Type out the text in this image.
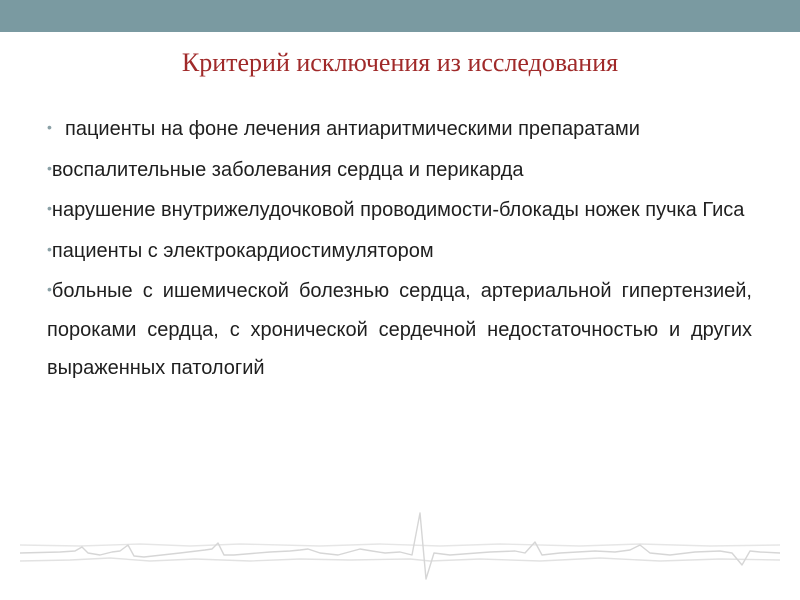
Критерий исключения из исследования

• пациенты на фоне лечения антиаритмическими препаратами

•воспалительные заболевания сердца и перикарда

•нарушение внутрижелудочковой проводимости-блокады ножек пучка Гиса

•пациенты с электрокардиостимулятором

•больные с ишемической болезнью сердца, артериальной гипертензией, пороками сердца, с хронической сердечной недостаточностью и других выраженных патологий
